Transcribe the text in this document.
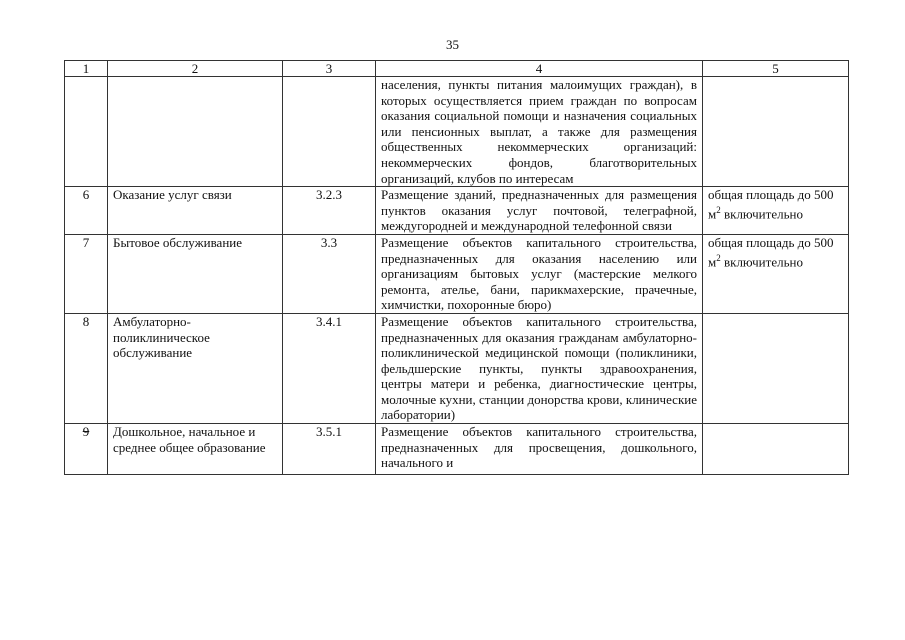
35
1	2	3	4	5
			населения, пункты питания малоимущих граждан), в которых осуществляется прием граждан по вопросам оказания социальной помощи и назначения социальных или пенсионных выплат, а также для размещения общественных некоммерческих организаций: некоммерческих фондов, благотворительных организаций, клубов по интересам	
6	Оказание услуг связи	3.2.3	Размещение зданий, предназначенных для размещения пунктов оказания услуг почтовой, телеграфной, междугородней и международной телефонной связи	общая площадь до 500 $м^2$ включительно
7	Бытовое обслуживание	3.3	Размещение объектов капитального строительства, предназначенных для оказания населению или организациям бытовых услуг (мастерские мелкого ремонта, ателье, бани, парикмахерские, прачечные, химчистки, похоронные бюро)	общая площадь до 500 $м^2$ включительно
8	Амбулаторно-поликлиническое обслуживание	3.4.1	Размещение объектов капитального строительства, предназначенных для оказания гражданам амбулаторно-поликлинической медицинской помощи (поликлиники, фельдшерские пункты, пункты здравоохранения, центры матери и ребенка, диагностические центры, молочные кухни, станции донорства крови, клинические лаборатории)	
9	Дошкольное, начальное и среднее общее образование	3.5.1	Размещение объектов капитального строительства, предназначенных для просвещения, дошкольного, начального и	
